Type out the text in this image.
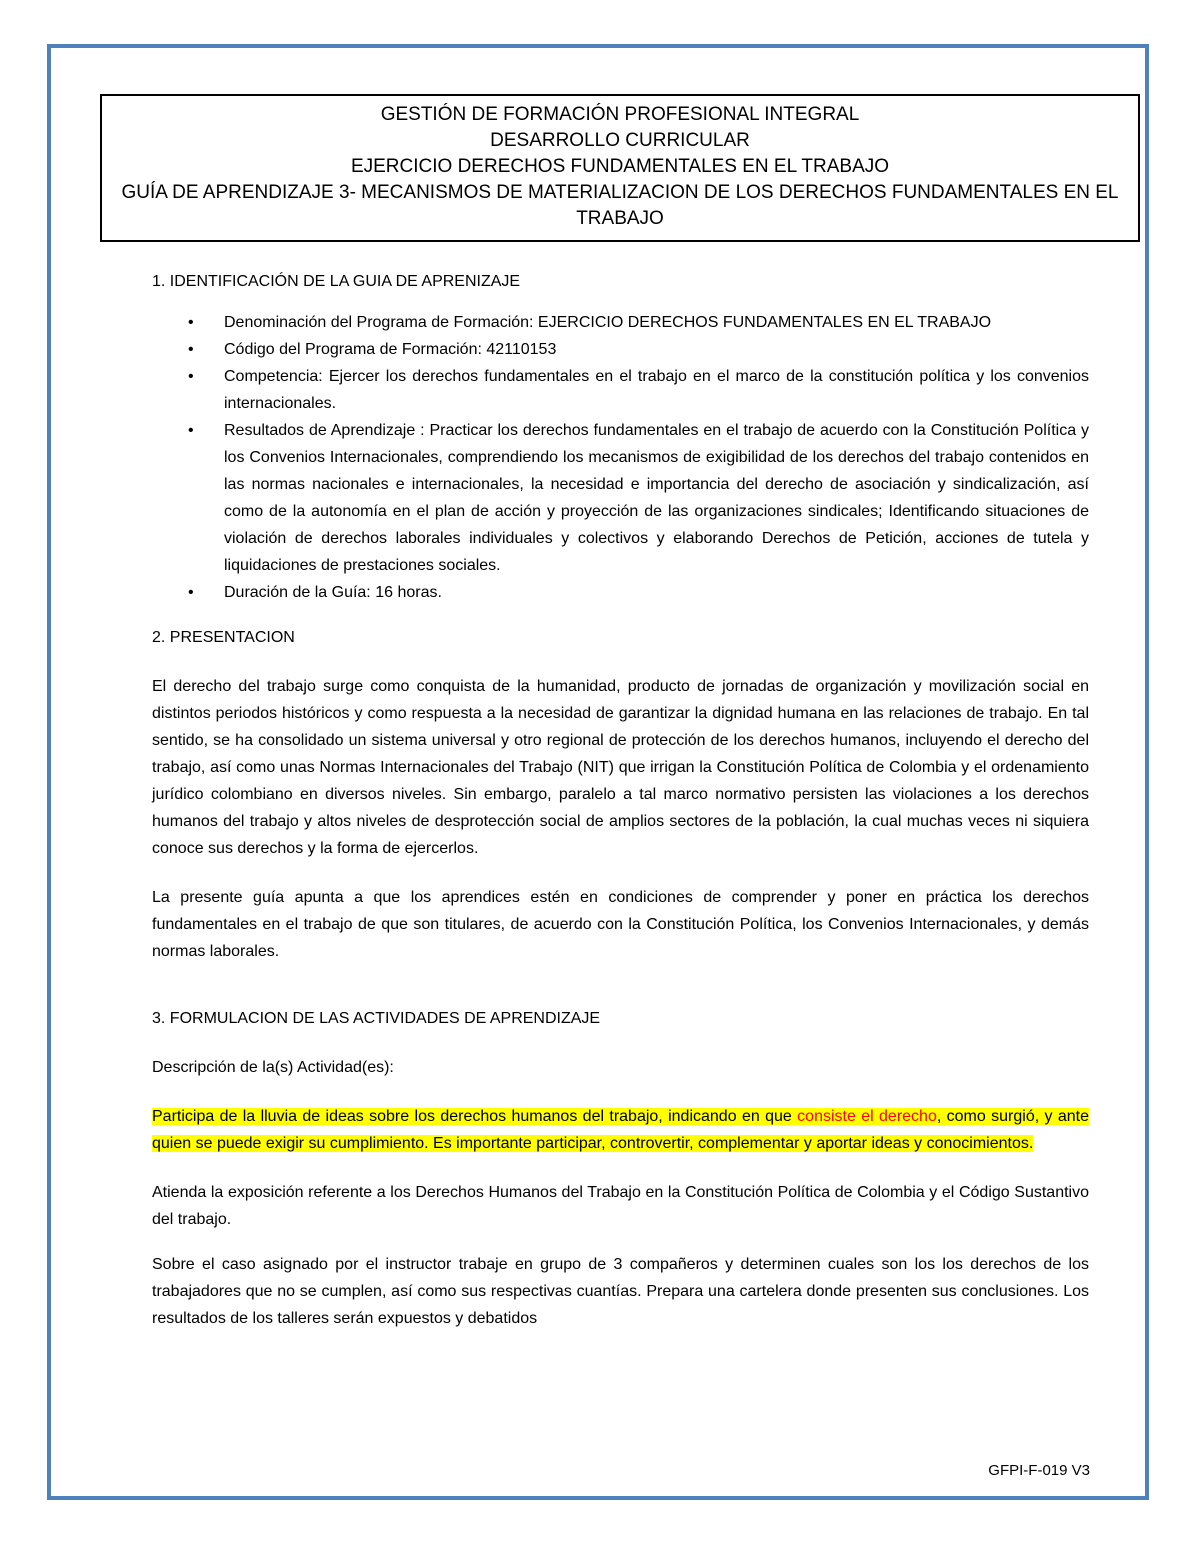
GESTIÓN DE FORMACIÓN PROFESIONAL INTEGRAL
DESARROLLO CURRICULAR
EJERCICIO DERECHOS FUNDAMENTALES EN EL TRABAJO
GUÍA DE APRENDIZAJE 3- MECANISMOS DE MATERIALIZACION DE LOS DERECHOS FUNDAMENTALES EN EL TRABAJO
1. IDENTIFICACIÓN DE LA GUIA DE APRENIZAJE
• Denominación del Programa de Formación: EJERCICIO DERECHOS FUNDAMENTALES EN EL TRABAJO
• Código del Programa de Formación: 42110153
• Competencia: Ejercer los derechos fundamentales en el trabajo en el marco de la constitución política y los convenios internacionales.
• Resultados de Aprendizaje : Practicar los derechos fundamentales en el trabajo de acuerdo con la Constitución Política y los Convenios Internacionales, comprendiendo los mecanismos de exigibilidad de los derechos del trabajo contenidos en las normas nacionales e internacionales, la necesidad e importancia del derecho de asociación y sindicalización, así como de la autonomía en el plan de acción y proyección de las organizaciones sindicales; Identificando situaciones de violación de derechos laborales individuales y colectivos y elaborando Derechos de Petición, acciones de tutela y liquidaciones de prestaciones sociales.
• Duración de la Guía: 16 horas.
2. PRESENTACION

El derecho del trabajo surge como conquista de la humanidad, producto de jornadas de organización y movilización social en distintos periodos históricos y como respuesta a la necesidad de garantizar la dignidad humana en las relaciones de trabajo. En tal sentido, se ha consolidado un sistema universal y otro regional de protección de los derechos humanos, incluyendo el derecho del trabajo, así como unas Normas Internacionales del Trabajo (NIT) que irrigan la Constitución Política de Colombia y el ordenamiento jurídico colombiano en diversos niveles. Sin embargo, paralelo a tal marco normativo persisten las violaciones a los derechos humanos del trabajo y altos niveles de desprotección social de amplios sectores de la población, la cual muchas veces ni siquiera conoce sus derechos y la forma de ejercerlos.

La presente guía apunta a que los aprendices estén en condiciones de comprender y poner en práctica los derechos fundamentales en el trabajo de que son titulares, de acuerdo con la Constitución Política, los Convenios Internacionales, y demás normas laborales.

3. FORMULACION DE LAS ACTIVIDADES DE APRENDIZAJE

Descripción de la(s) Actividad(es):

Participa de la lluvia de ideas sobre los derechos humanos del trabajo, indicando en que consiste el derecho, como surgió, y ante quien se puede exigir su cumplimiento. Es importante participar, controvertir, complementar y aportar ideas y conocimientos.

Atienda la exposición referente a los Derechos Humanos del Trabajo en la Constitución Política de Colombia y el Código Sustantivo del trabajo.

Sobre el caso asignado por el instructor trabaje en grupo de 3 compañeros y determinen cuales son los los derechos de los trabajadores que no se cumplen, así como sus respectivas cuantías. Prepara una cartelera donde presenten sus conclusiones. Los resultados de los talleres serán expuestos y debatidos

GFPI-F-019 V3
